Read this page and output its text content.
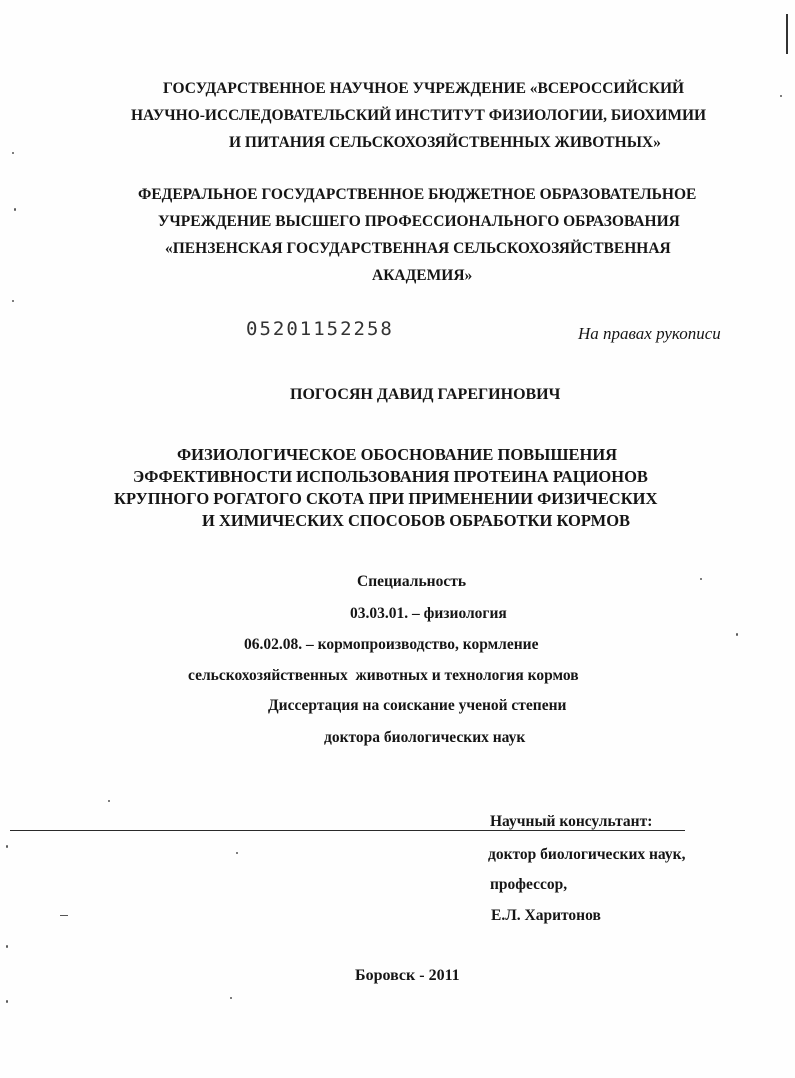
ГОСУДАРСТВЕННОЕ НАУЧНОЕ УЧРЕЖДЕНИЕ «ВСЕРОССИЙСКИЙ
НАУЧНО-ИССЛЕДОВАТЕЛЬСКИЙ ИНСТИТУТ ФИЗИОЛОГИИ, БИОХИМИИ
И ПИТАНИЯ СЕЛЬСКОХОЗЯЙСТВЕННЫХ ЖИВОТНЫХ»
ФЕДЕРАЛЬНОЕ ГОСУДАРСТВЕННОЕ БЮДЖЕТНОЕ ОБРАЗОВАТЕЛЬНОЕ
УЧРЕЖДЕНИЕ ВЫСШЕГО ПРОФЕССИОНАЛЬНОГО ОБРАЗОВАНИЯ
«ПЕНЗЕНСКАЯ ГОСУДАРСТВЕННАЯ СЕЛЬСКОХОЗЯЙСТВЕННАЯ
АКАДЕМИЯ»
05201152258	На правах рукописи
ПОГОСЯН ДАВИД ГАРЕГИНОВИЧ
ФИЗИОЛОГИЧЕСКОЕ ОБОСНОВАНИЕ ПОВЫШЕНИЯ
ЭФФЕКТИВНОСТИ ИСПОЛЬЗОВАНИЯ ПРОТЕИНА РАЦИОНОВ
КРУПНОГО РОГАТОГО СКОТА ПРИ ПРИМЕНЕНИИ ФИЗИЧЕСКИХ
И ХИМИЧЕСКИХ СПОСОБОВ ОБРАБОТКИ КОРМОВ
Специальность
03.03.01. – физиология
06.02.08. – кормопроизводство, кормление
сельскохозяйственных  животных и технология кормов
Диссертация на соискание ученой степени
доктора биологических наук
Научный консультант:
доктор биологических наук,
профессор,
Е.Л. Харитонов
Боровск - 2011
